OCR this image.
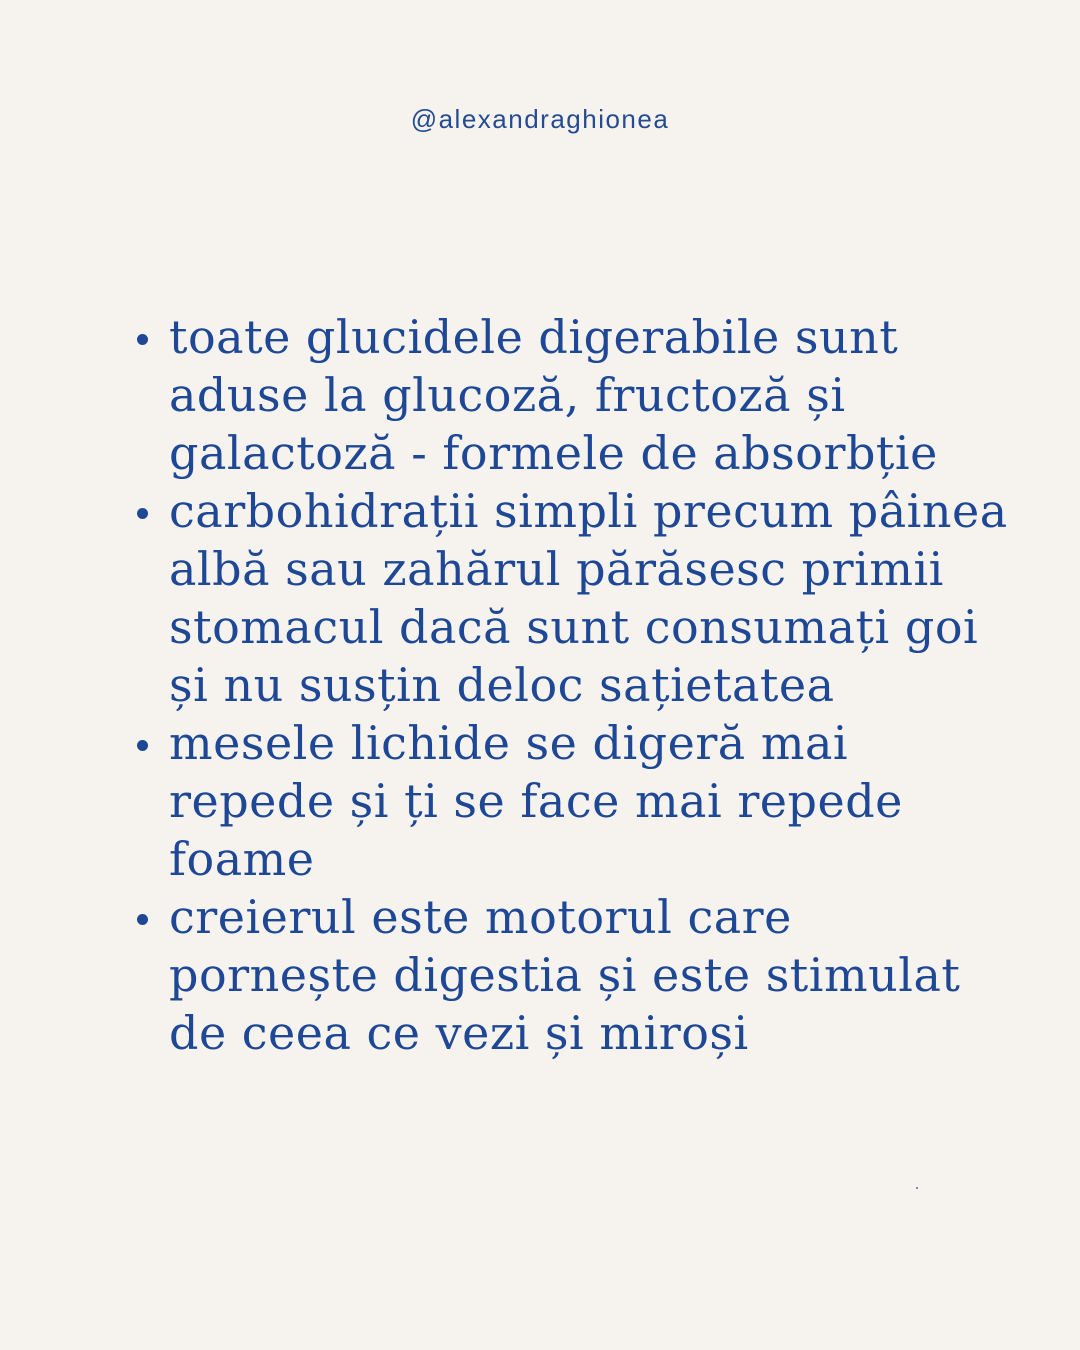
@alexandraghionea
toate glucidele digerabile sunt aduse la glucoză, fructoză și galactoză - formele de absorbție
carbohidrații simpli precum pâinea albă sau zahărul părăsesc primii stomacul dacă sunt consumați goi și nu susțin deloc sațietatea
mesele lichide se digeră mai repede și ți se face mai repede foame
creierul este motorul care pornește digestia și este stimulat de ceea ce vezi și miroși
